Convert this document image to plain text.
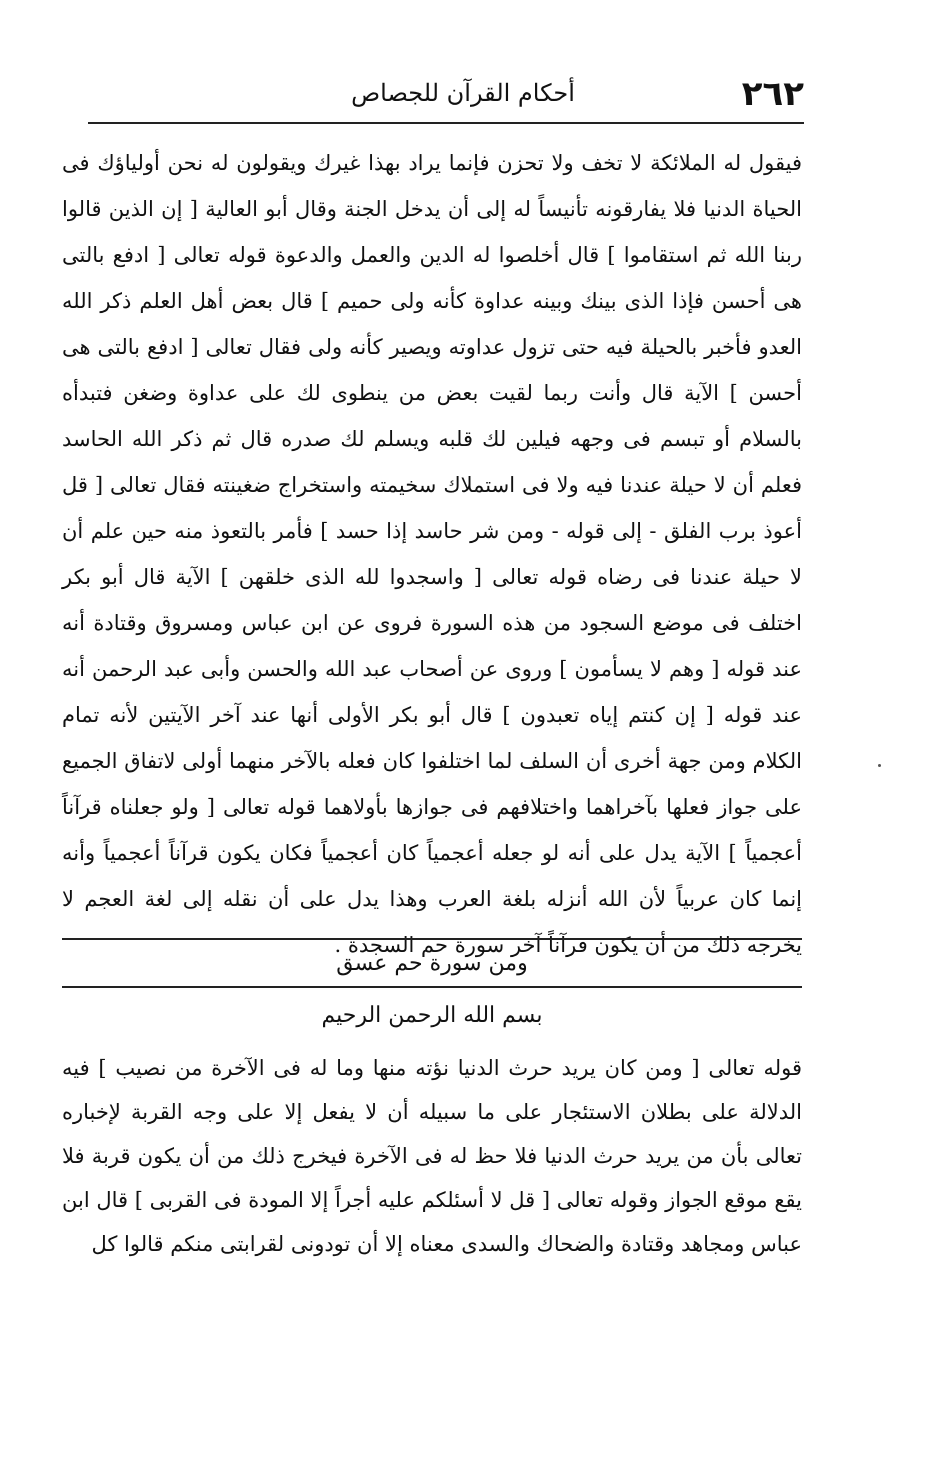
٢٦٢
أحكام القرآن للجصاص

فيقول له الملائكة لا تخف ولا تحزن فإنما يراد بهذا غيرك ويقولون له نحن أولياؤك فى الحياة الدنيا فلا يفارقونه تأنيساً له إلى أن يدخل الجنة وقال أبو العالية [ إن الذين قالوا ربنا الله ثم استقاموا ] قال أخلصوا له الدين والعمل والدعوة قوله تعالى [ ادفع بالتى هى أحسن فإذا الذى بينك وبينه عداوة كأنه ولى حميم ] قال بعض أهل العلم ذكر الله العدو فأخبر بالحيلة فيه حتى تزول عداوته ويصير كأنه ولى فقال تعالى [ ادفع بالتى هى أحسن ] الآية قال وأنت ربما لقيت بعض من ينطوى لك على عداوة وضغن فتبدأه بالسلام أو تبسم فى وجهه فيلين لك قلبه ويسلم لك صدره قال ثم ذكر الله الحاسد فعلم أن لا حيلة عندنا فيه ولا فى استملاك سخيمته واستخراج ضغينته فقال تعالى [ قل أعوذ برب الفلق - إلى قوله - ومن شر حاسد إذا حسد ] فأمر بالتعوذ منه حين علم أن لا حيلة عندنا فى رضاه قوله تعالى [ واسجدوا لله الذى خلقهن ] الآية قال أبو بكر اختلف فى موضع السجود من هذه السورة فروى عن ابن عباس ومسروق وقتادة أنه عند قوله [ وهم لا يسأمون ] وروى عن أصحاب عبد الله والحسن وأبى عبد الرحمن أنه عند قوله [ إن كنتم إياه تعبدون ] قال أبو بكر الأولى أنها عند آخر الآيتين لأنه تمام الكلام ومن جهة أخرى أن السلف لما اختلفوا كان فعله بالآخر منهما أولى لاتفاق الجميع على جواز فعلها بآخراهما واختلافهم فى جوازها بأولاهما قوله تعالى [ ولو جعلناه قرآناً أعجمياً ] الآية يدل على أنه لو جعله أعجمياً كان أعجمياً فكان يكون قرآناً أعجمياً وأنه إنما كان عربياً لأن الله أنزله بلغة العرب وهذا يدل على أن نقله إلى لغة العجم لا يخرجه ذلك من أن يكون قرآناً آخر سورة حم السجدة .

ومن سورة حم عسق
بسم الله الرحمن الرحيم

قوله تعالى [ ومن كان يريد حرث الدنيا نؤته منها وما له فى الآخرة من نصيب ] فيه الدلالة على بطلان الاستئجار على ما سبيله أن لا يفعل إلا على وجه القربة لإخباره تعالى بأن من يريد حرث الدنيا فلا حظ له فى الآخرة فيخرج ذلك من أن يكون قربة فلا يقع موقع الجواز وقوله تعالى [ قل لا أسئلكم عليه أجراً إلا المودة فى القربى ] قال ابن عباس ومجاهد وقتادة والضحاك والسدى معناه إلا أن تودونى لقرابتى منكم قالوا كل
